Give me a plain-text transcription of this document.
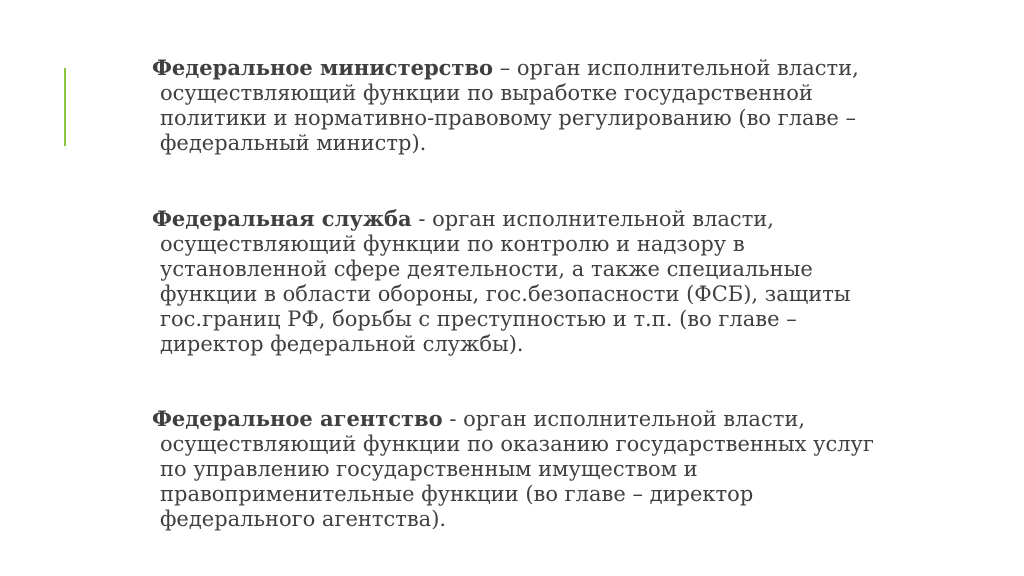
Федеральное министерство – орган исполнительной власти, осуществляющий функции по выработке государственной политики и нормативно-правовому регулированию (во главе – федеральный министр).

Федеральная служба - орган исполнительной власти, осуществляющий функции по контролю и надзору в установленной сфере деятельности, а также специальные функции в области обороны, гос.безопасности (ФСБ), защиты гос.границ РФ, борьбы с преступностью и т.п. (во главе – директор федеральной службы).

Федеральное агентство - орган исполнительной власти, осуществляющий функции по оказанию государственных услуг по управлению государственным имуществом и правоприменительные функции (во главе – директор федерального агентства).
